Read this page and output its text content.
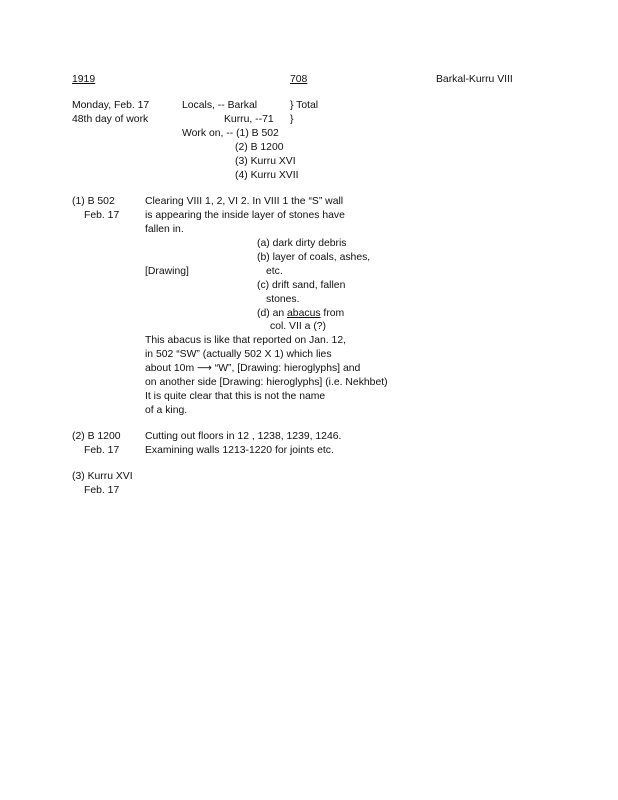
1919	708	Barkal-Kurru VIII
Monday, Feb. 17
48th day of work
Locals, -- Barkal	} Total
Kurru, --71 }
Work on, -- (1) B 502
(2) B 1200
(3) Kurru XVI
(4) Kurru XVII
(1) B 502
Feb. 17
Clearing VIII 1, 2, VI 2. In VIII 1 the “S” wall
is appearing the inside layer of stones have
fallen in.
(a) dark dirty debris
(b) layer of coals, ashes,
etc.
[Drawing]
(c) drift sand, fallen
stones.
(d) an abacus from
col. VII a (?)
This abacus is like that reported on Jan. 12,
in 502 “SW” (actually 502 X 1) which lies
about 10m ⟶ “W”, [Drawing: hieroglyphs] and
on another side [Drawing: hieroglyphs] (i.e. Nekhbet)
It is quite clear that this is not the name
of a king.
(2) B 1200
Feb. 17
Cutting out floors in 12 , 1238, 1239, 1246.
Examining walls 1213-1220 for joints etc.
(3) Kurru XVI
Feb. 17
